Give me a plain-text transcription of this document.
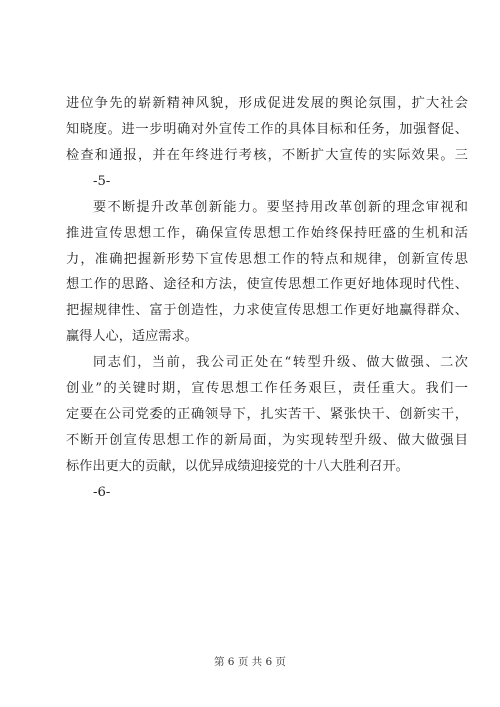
进位争先的崭新精神风貌，形成促进发展的舆论氛围，扩大社会
知晓度。进一步明确对外宣传工作的具体目标和任务，加强督促、
检查和通报，并在年终进行考核，不断扩大宣传的实际效果。三
-5-
要不断提升改革创新能力。要坚持用改革创新的理念审视和
推进宣传思想工作，确保宣传思想工作始终保持旺盛的生机和活
力，准确把握新形势下宣传思想工作的特点和规律，创新宣传思
想工作的思路、途径和方法，使宣传思想工作更好地体现时代性、
把握规律性、富于创造性，力求使宣传思想工作更好地赢得群众、
赢得人心，适应需求。
同志们，当前，我公司正处在“转型升级、做大做强、二次
创业”的关键时期，宣传思想工作任务艰巨，责任重大。我们一
定要在公司党委的正确领导下，扎实苦干、紧张快干、创新实干，
不断开创宣传思想工作的新局面，为实现转型升级、做大做强目
标作出更大的贡献，以优异成绩迎接党的十八大胜利召开。
-6-
第 6 页 共 6 页
